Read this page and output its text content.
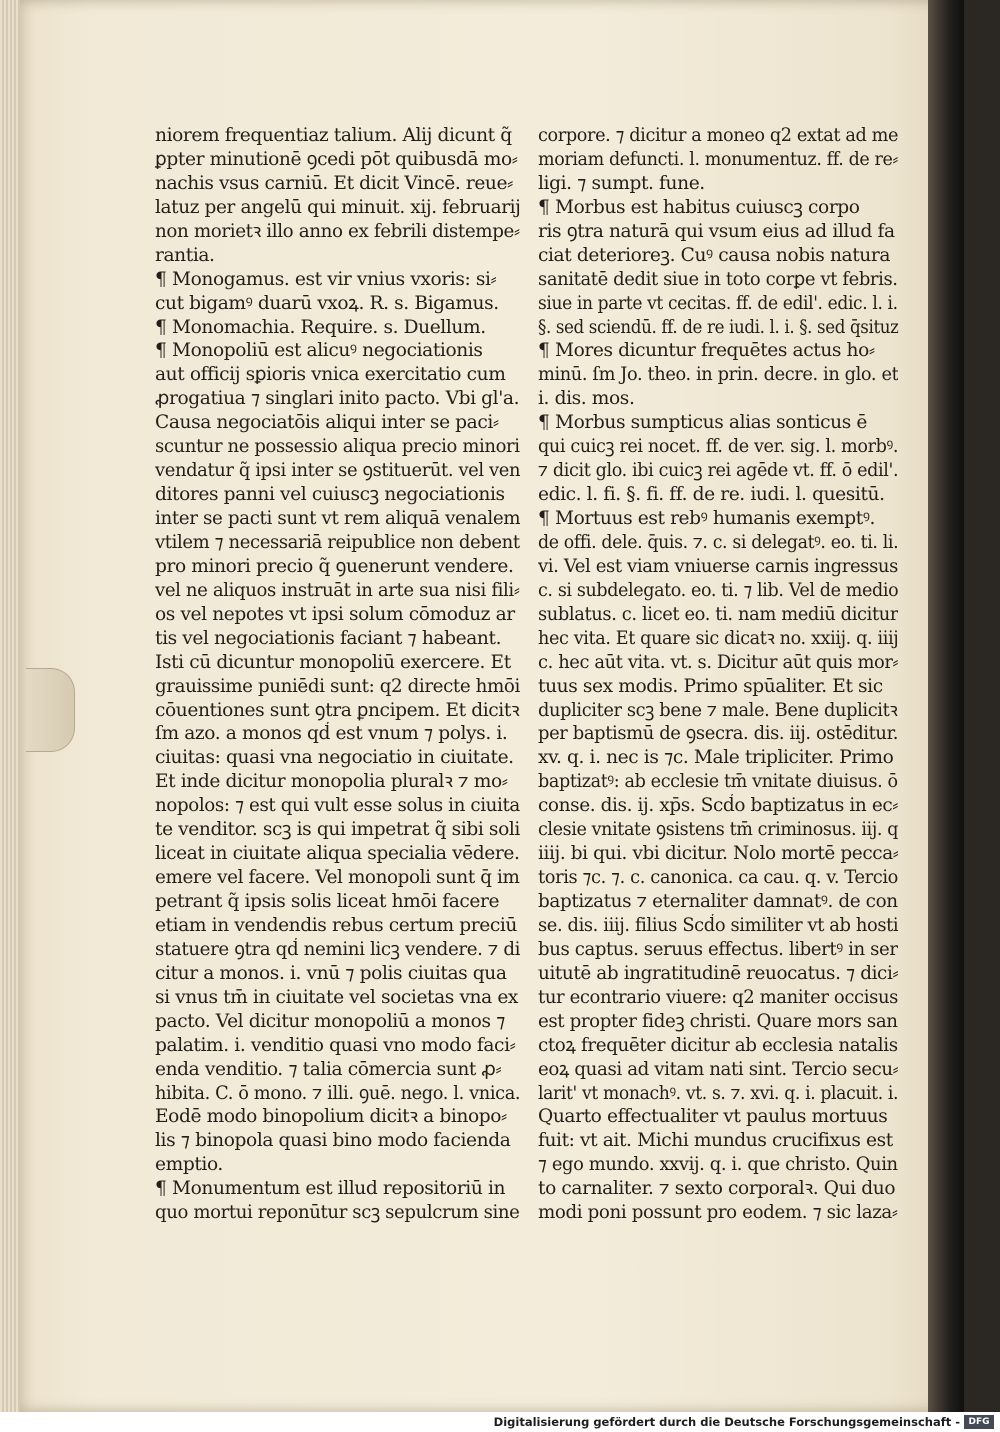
niorem frequentiaz talium. Alij dicunt q̃
ꝑpter minutionē ꝯcedi pōt quibusdā mo⸗
nachis vsus carniū. Et dicit Vincē. reue⸗
latuz per angelū qui minuit. xij. februarij
non morietꝛ illo anno ex febrili distempe⸗
rantia.
¶ Monogamus. est vir vnius vxoris: si⸗
cut bigamꝰ duarū vxoꝝ. R. s. Bigamus.
¶ Monomachia. Require. s. Duellum.
¶ Monopoliū est alicuꝰ negociationis
aut officij sꝑioris vnica exercitatio cum
ꝓrogatiua ⁊ singlari inito pacto. Vbi gl'a.
Causa negociatōis aliqui inter se paci⸗
scuntur ne possessio aliqua precio minori
vendatur q̃ ipsi inter se ꝯstituerūt. vel ven
ditores panni vel cuiuscꝫ negociationis
inter se pacti sunt vt rem aliquā venalem
vtilem ⁊ necessariā reipublice non debent
pro minori precio q̃ ꝯuenerunt vendere.
vel ne aliquos instruāt in arte sua nisi fili⸗
os vel nepotes vt ipsi solum cōmoduz ar
tis vel negociationis faciant ⁊ habeant.
Isti cū dicuntur monopoliū exercere. Et
grauissime puniēdi sunt: q2 directe hmōi
cōuentiones sunt ꝯtra ꝑncipem. Et dicitꝛ
ſm azo. a monos qd̓ est vnum ⁊ polys. i.
ciuitas: quasi vna negociatio in ciuitate.
Et inde dicitur monopolia pluralꝛ ⁊ mo⸗
nopolos: ⁊ est qui vult esse solus in ciuita
te venditor. scꝫ is qui impetrat q̃ sibi soli
liceat in ciuitate aliqua specialia vēdere.
emere vel facere. Vel monopoli sunt q̄ im
petrant q̃ ipsis solis liceat hmōi facere
etiam in vendendis rebus certum preciū
statuere ꝯtra qd̓ nemini licꝫ vendere. ⁊ di
citur a monos. i. vnū ⁊ polis ciuitas qua
si vnus tm̄ in ciuitate vel societas vna ex
pacto. Vel dicitur monopoliū a monos ⁊
palatim. i. venditio quasi vno modo faci⸗
enda venditio. ⁊ talia cōmercia sunt ꝓ⸗
hibita. C. ō mono. ⁊ illi. ꝯuē. nego. l. vnica.
Eodē modo binopolium dicitꝛ a binopo⸗
lis ⁊ binopola quasi bino modo facienda
emptio.
¶ Monumentum est illud repositoriū in
quo mortui reponūtur scꝫ sepulcrum sine
corpore. ⁊ dicitur a moneo q2 extat ad me
moriam defuncti. l. monumentuz. ff. de re⸗
ligi. ⁊ sumpt. fune.
¶ Morbus est habitus cuiuscꝫ corpo
ris ꝯtra naturā qui vsum eius ad illud fa
ciat deterioreꝫ. Cuꝰ causa nobis natura
sanitatē dedit siue in toto corꝑe vt febris.
siue in parte vt cecitas. ff. de edil'. edic. l. i.
§. sed sciendū. ff. de re iudi. l. i. §. sed q̄situz
¶ Mores dicuntur frequētes actus ho⸗
minū. ſm Jo. theo. in prin. decre. in glo. et
i. dis. mos.
¶ Morbus sumpticus alias sonticus ē
qui cuicꝫ rei nocet. ff. de ver. sig. l. morbꝰ.
⁊ dicit glo. ibi cuicꝫ rei agēde vt. ff. ō edil'.
edic. l. fi. §. fi. ff. de re. iudi. l. quesitū.
¶ Mortuus est rebꝰ humanis exemptꝰ.
de offi. dele. q̄uis. ⁊. c. si delegatꝰ. eo. ti. li.
vi. Vel est viam vniuerse carnis ingressus
c. si subdelegato. eo. ti. ⁊ lib. Vel de medio
sublatus. c. licet eo. ti. nam mediū dicitur
hec vita. Et quare sic dicatꝛ no. xxiij. q. iiij
c. hec aūt vita. vt. s. Dicitur aūt quis mor⸗
tuus sex modis. Primo spūaliter. Et sic
dupliciter scꝫ bene ⁊ male. Bene duplicitꝛ
per baptismū de ꝯsecra. dis. iij. ostēditur.
xv. q. i. nec is ⁊c. Male tripliciter. Primo
baptizatꝰ: ab ecclesie tm̄ vnitate diuisus. ō
conse. dis. ij. xp̄s. Scd̓o baptizatus in ec⸗
clesie vnitate ꝯsistens tm̄ criminosus. iij. q
iiij. bi qui. vbi dicitur. Nolo mortē pecca⸗
toris ⁊c. ⁊. c. canonica. ca cau. q. v. Tercio
baptizatus ⁊ eternaliter damnatꝰ. de con
se. dis. iiij. filius Scd̓o similiter vt ab hosti
bus captus. seruus effectus. libertꝰ in ser
uitutē ab ingratitudinē reuocatus. ⁊ dici⸗
tur econtrario viuere: q2 maniter occisus
est propter fideꝫ christi. Quare mors san
ctoꝝ frequēter dicitur ab ecclesia natalis
eoꝝ quasi ad vitam nati sint. Tercio secu⸗
larit' vt monachꝰ. vt. s. ⁊. xvi. q. i. placuit. i.
Quarto effectualiter vt paulus mortuus
fuit: vt ait. Michi mundus crucifixus est
⁊ ego mundo. xxvij. q. i. que christo. Quin
to carnaliter. ⁊ sexto corporalꝛ. Qui duo
modi poni possunt pro eodem. ⁊ sic laza⸗
Digitalisierung gefördert durch die Deutsche Forschungsgemeinschaft - DFG
